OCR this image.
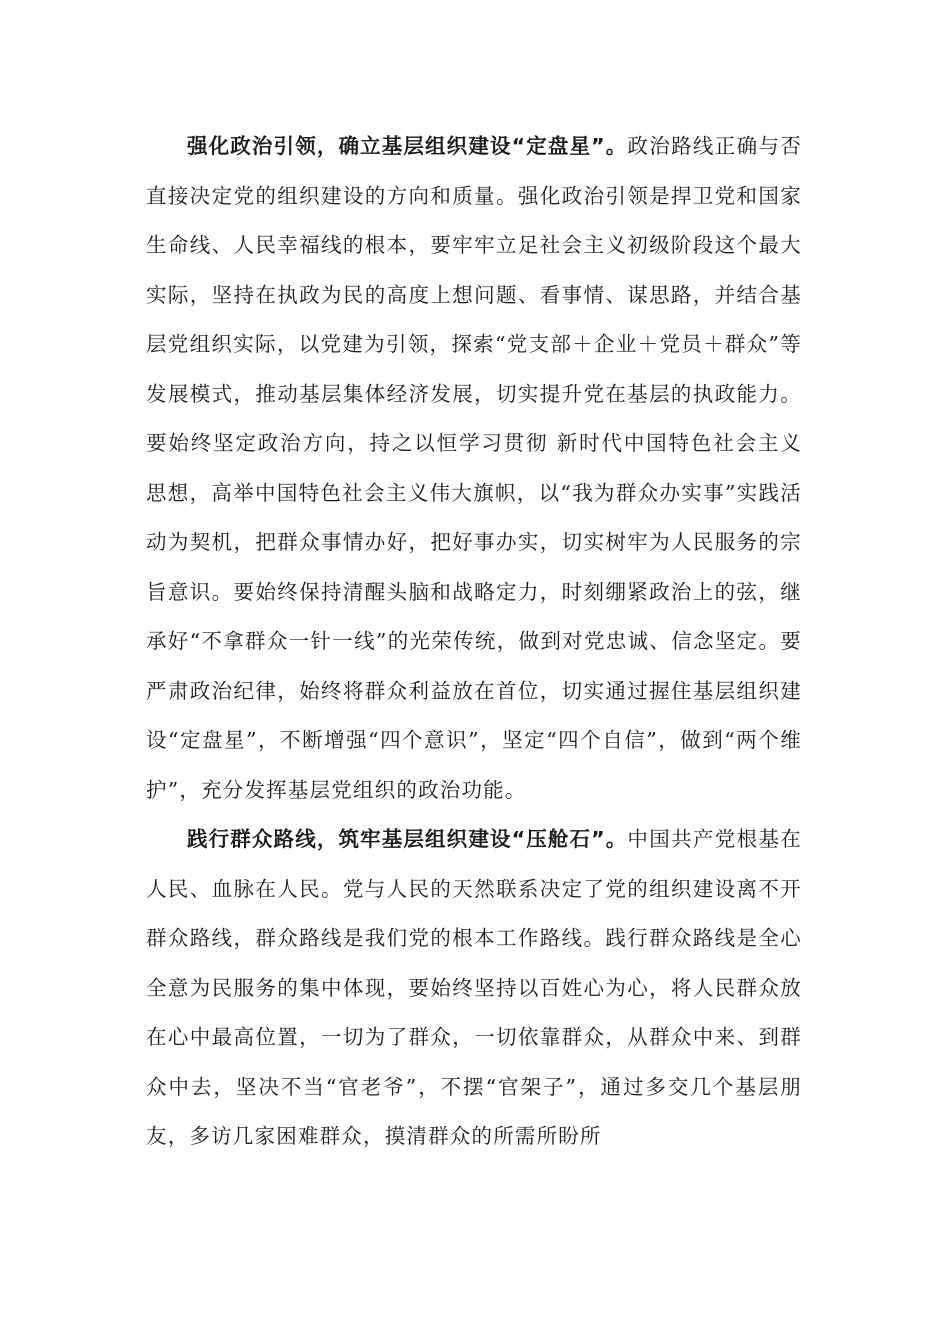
强化政治引领，确立基层组织建设“定盘星”。政治路线正确与否直接决定党的组织建设的方向和质量。强化政治引领是捍卫党和国家生命线、人民幸福线的根本，要牢牢立足社会主义初级阶段这个最大实际，坚持在执政为民的高度上想问题、看事情、谋思路，并结合基层党组织实际，以党建为引领，探索“党支部＋企业＋党员＋群众”等发展模式，推动基层集体经济发展，切实提升党在基层的执政能力。要始终坚定政治方向，持之以恒学习贯彻 新时代中国特色社会主义思想，高举中国特色社会主义伟大旗帜，以“我为群众办实事”实践活动为契机，把群众事情办好，把好事办实，切实树牢为人民服务的宗旨意识。要始终保持清醒头脑和战略定力，时刻绷紧政治上的弦，继承好“不拿群众一针一线”的光荣传统，做到对党忠诚、信念坚定。要严肃政治纪律，始终将群众利益放在首位，切实通过握住基层组织建设“定盘星”，不断增强“四个意识”，坚定“四个自信”，做到“两个维护”，充分发挥基层党组织的政治功能。

践行群众路线，筑牢基层组织建设“压舱石”。中国共产党根基在人民、血脉在人民。党与人民的天然联系决定了党的组织建设离不开群众路线，群众路线是我们党的根本工作路线。践行群众路线是全心全意为民服务的集中体现，要始终坚持以百姓心为心，将人民群众放在心中最高位置，一切为了群众，一切依靠群众，从群众中来、到群众中去，坚决不当“官老爷”，不摆“官架子”，通过多交几个基层朋友，多访几家困难群众，摸清群众的所需所盼所
